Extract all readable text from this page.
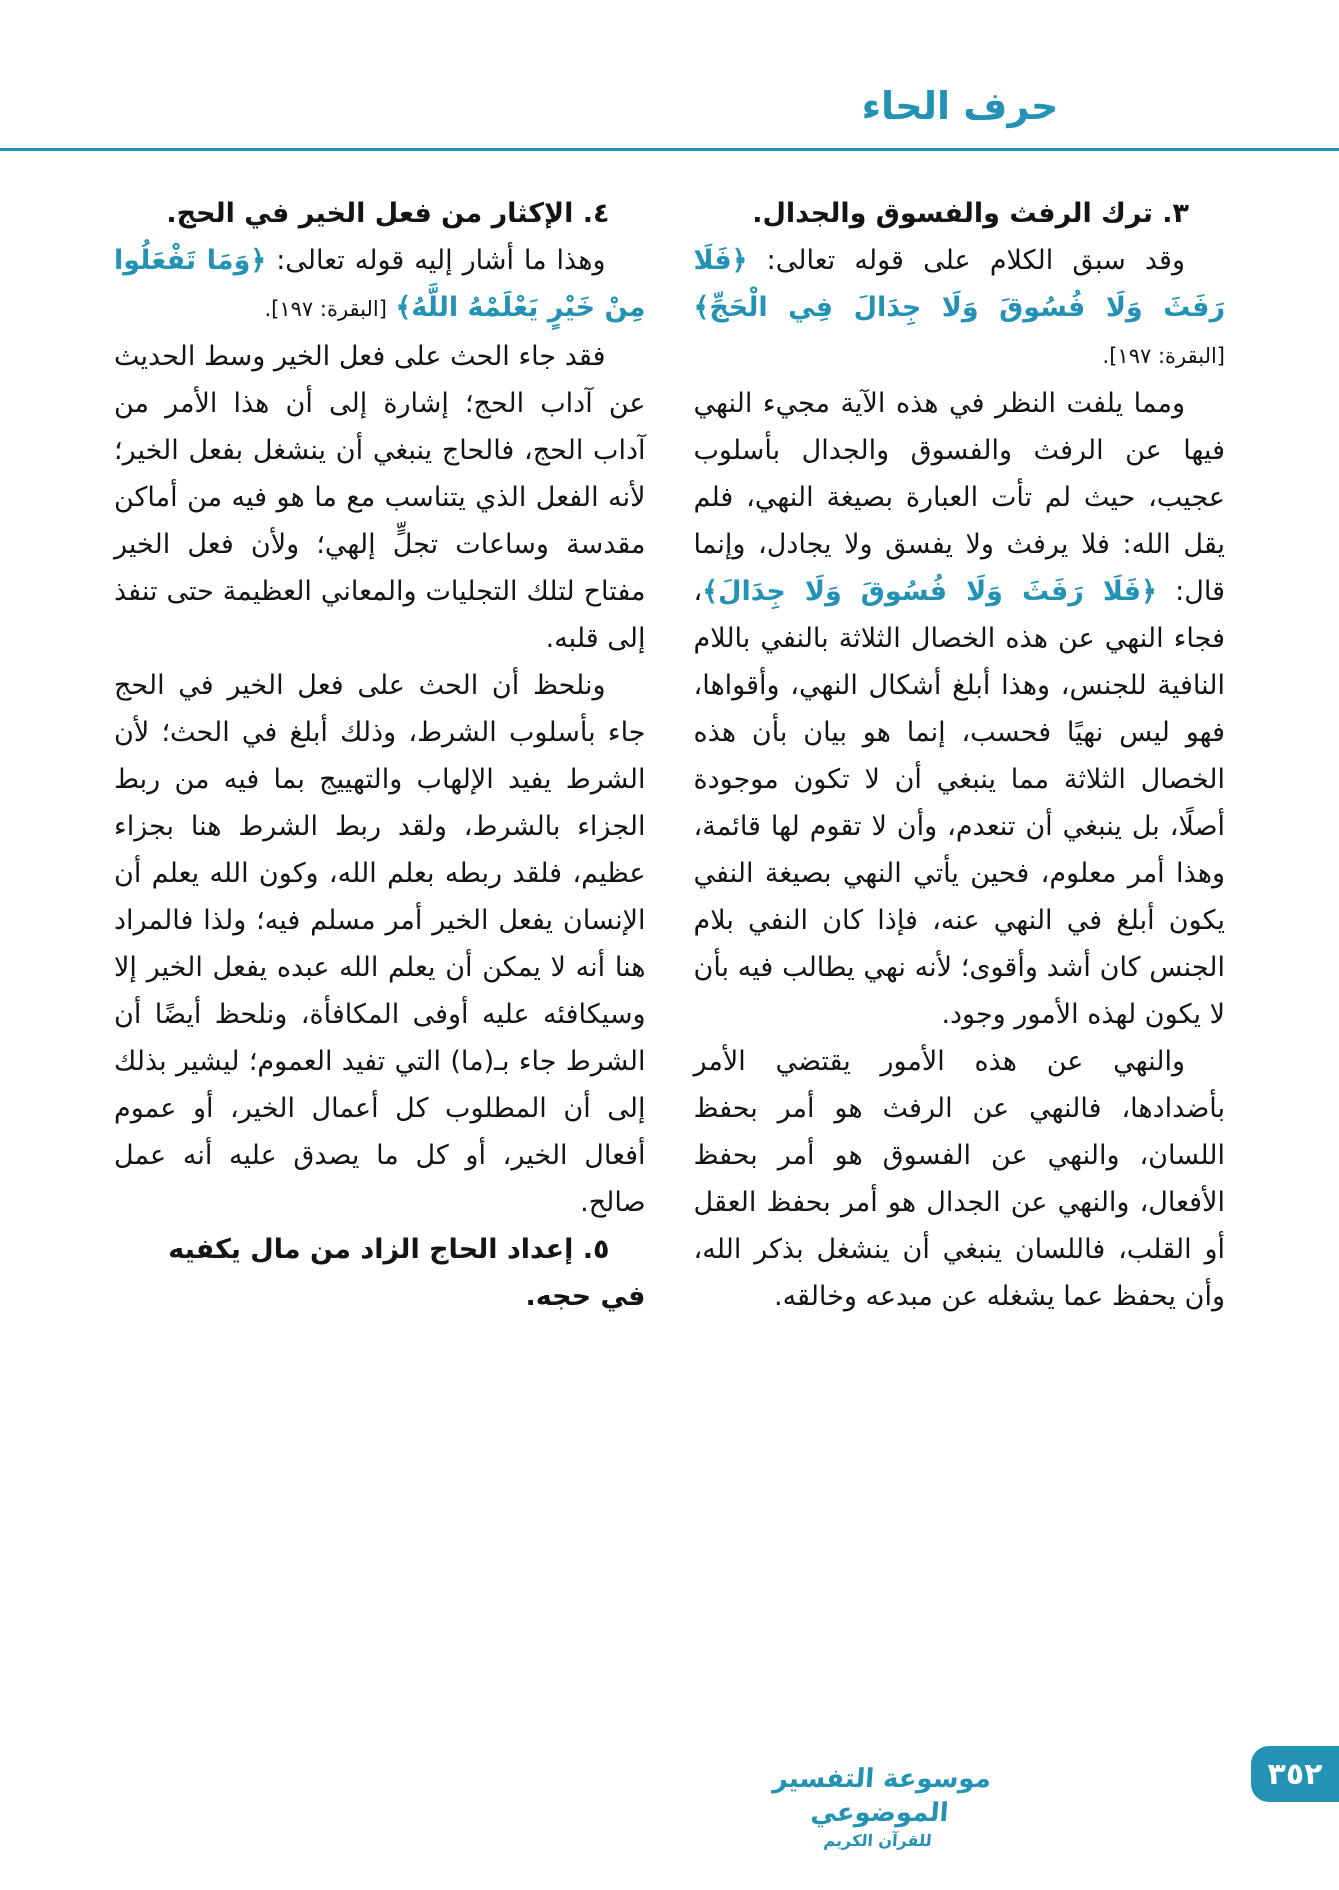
حرف الحاء
٣. ترك الرفث والفسوق والجدال.

وقد سبق الكلام على قوله تعالى: ﴿فَلَا رَفَثَ وَلَا فُسُوقَ وَلَا جِدَالَ فِي الْحَجِّ﴾ [البقرة: ١٩٧].

ومما يلفت النظر في هذه الآية مجيء النهي فيها عن الرفث والفسوق والجدال بأسلوب عجيب، حيث لم تأت العبارة بصيغة النهي، فلم يقل الله: فلا يرفث ولا يفسق ولا يجادل، وإنما قال: ﴿فَلَا رَفَثَ وَلَا فُسُوقَ وَلَا جِدَالَ﴾، فجاء النهي عن هذه الخصال الثلاثة بالنفي باللام النافية للجنس، وهذا أبلغ أشكال النهي، وأقواها، فهو ليس نهيًا فحسب، إنما هو بيان بأن هذه الخصال الثلاثة مما ينبغي أن لا تكون موجودة أصلًا، بل ينبغي أن تنعدم، وأن لا تقوم لها قائمة، وهذا أمر معلوم، فحين يأتي النهي بصيغة النفي يكون أبلغ في النهي عنه، فإذا كان النفي بلام الجنس كان أشد وأقوى؛ لأنه نهي يطالب فيه بأن لا يكون لهذه الأمور وجود.

والنهي عن هذه الأمور يقتضي الأمر بأضدادها، فالنهي عن الرفث هو أمر بحفظ اللسان، والنهي عن الفسوق هو أمر بحفظ الأفعال، والنهي عن الجدال هو أمر بحفظ العقل أو القلب، فاللسان ينبغي أن ينشغل بذكر الله، وأن يحفظ عما يشغله عن مبدعه وخالقه.

٤. الإكثار من فعل الخير في الحج.

وهذا ما أشار إليه قوله تعالى: ﴿وَمَا تَفْعَلُوا مِنْ خَيْرٍ يَعْلَمْهُ اللَّهُ﴾ [البقرة: ١٩٧].

فقد جاء الحث على فعل الخير وسط الحديث عن آداب الحج؛ إشارة إلى أن هذا الأمر من آداب الحج، فالحاج ينبغي أن ينشغل بفعل الخير؛ لأنه الفعل الذي يتناسب مع ما هو فيه من أماكن مقدسة وساعات تجلٍّ إلهي؛ ولأن فعل الخير مفتاح لتلك التجليات والمعاني العظيمة حتى تنفذ إلى قلبه.

ونلحظ أن الحث على فعل الخير في الحج جاء بأسلوب الشرط، وذلك أبلغ في الحث؛ لأن الشرط يفيد الإلهاب والتهييج بما فيه من ربط الجزاء بالشرط، ولقد ربط الشرط هنا بجزاء عظيم، فلقد ربطه بعلم الله، وكون الله يعلم أن الإنسان يفعل الخير أمر مسلم فيه؛ ولذا فالمراد هنا أنه لا يمكن أن يعلم الله عبده يفعل الخير إلا وسيكافئه عليه أوفى المكافأة، ونلحظ أيضًا أن الشرط جاء بـ(ما) التي تفيد العموم؛ ليشير بذلك إلى أن المطلوب كل أعمال الخير، أو عموم أفعال الخير، أو كل ما يصدق عليه أنه عمل صالح.

٥. إعداد الحاج الزاد من مال يكفيه في حجه.
موسوعة التفسير الموضوعي
للقرآن الكريم
٣٥٢
